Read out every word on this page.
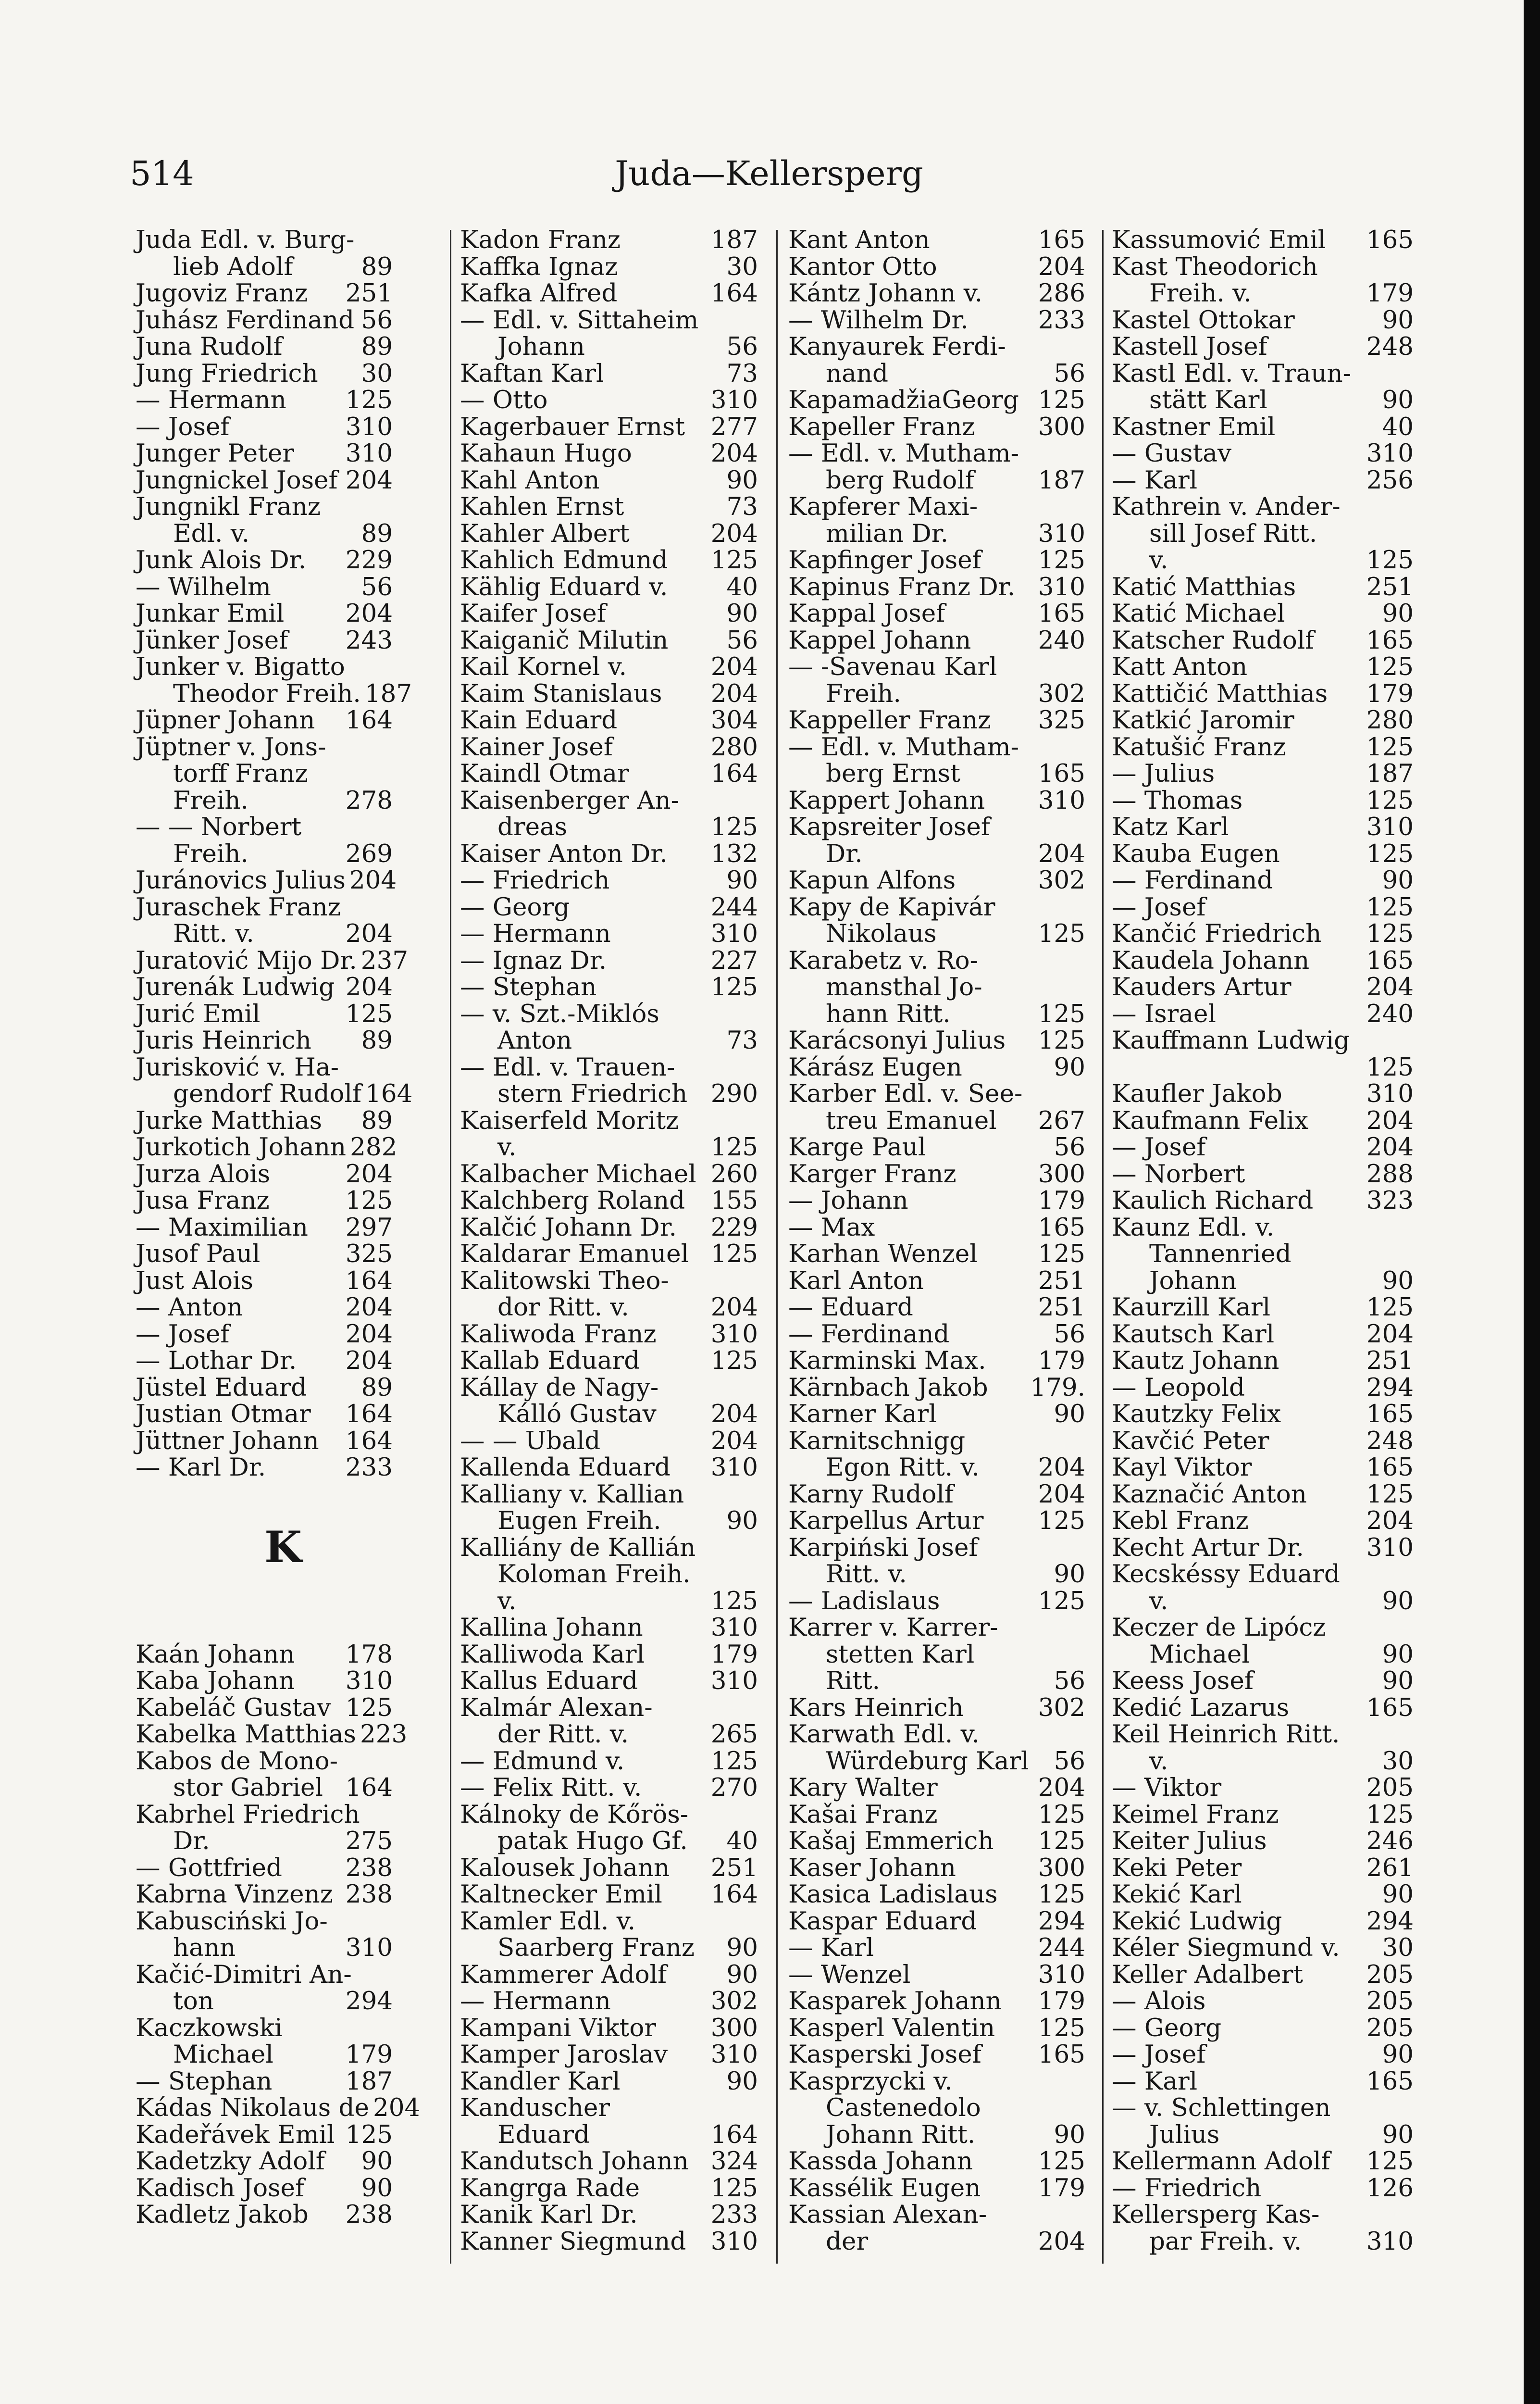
514	Juda—Kellersperg
Juda Edl. v. Burg-
lieb Adolf	89
Jugoviz Franz 251
Juhász Ferdinand 56
Juna Rudolf	89
Jung Friedrich 30
— Hermann 125
— Josef	310
Junger Peter 310
Jungnickel Josef 204
Jungnikl Franz
Edl. v.	89
Junk Alois Dr. 229
— Wilhelm	56
Junkar Emil 204
Jünker Josef 243
Junker v. Bigatto
Theodor Freih. 187
Jüpner Johann 164
Jüptner v. Jons-
torff Franz
Freih.	278
— — Norbert
Freih.	269
Juránovics Julius 204
Juraschek Franz
Ritt. v.	204
Juratović Mijo Dr. 237
Jurenák Ludwig 204
Jurić Emil	125
Juris Heinrich 89
Jurisković v. Ha-
gendorf Rudolf 164
Jurke Matthias 89
Jurkotich Johann 282
Jurza Alois	204
Jusa Franz	125
— Maximilian 297
Jusof Paul	325
Just Alois	164
— Anton	204
— Josef	204
— Lothar Dr. 204
Jüstel Eduard 89
Justian Otmar 164
Jüttner Johann 164
— Karl Dr.	233
K
Kaán Johann 178
Kaba Johann 310
Kabeláč Gustav 125
Kabelka Matthias 223
Kabos de Mono-
stor Gabriel 164
Kabrhel Friedrich
Dr.	275
— Gottfried	238
Kabrna Vinzenz 238
Kabusciński Jo-
hann	310
Kačić-Dimitri An-
ton	294
Kaczkowski
Michael	179
— Stephan	187
Kádas Nikolaus de 204
Kadeřávek Emil 125
Kadetzky Adolf 90
Kadisch Josef 90
Kadletz Jakob 238
Kadon Franz	187
Kaffka Ignaz	30
Kafka Alfred	164
— Edl. v. Sittaheim
Johann	56
Kaftan Karl	73
— Otto	310
Kagerbauer Ernst 277
Kahaun Hugo	204
Kahl Anton	90
Kahlen Ernst	73
Kahler Albert	204
Kahlich Edmund 125
Kählig Eduard v. 40
Kaifer Josef	90
Kaiganič Milutin 56
Kail Kornel v.	204
Kaim Stanislaus 204
Kain Eduard	304
Kainer Josef	280
Kaindl Otmar	164
Kaisenberger An-
dreas	125
Kaiser Anton Dr. 132
— Friedrich	90
— Georg	244
— Hermann	310
— Ignaz Dr.	227
— Stephan	125
— v. Szt.-Miklós
Anton	73
— Edl. v. Trauen-
stern Friedrich 290
Kaiserfeld Moritz
v.	125
Kalbacher Michael 260
Kalchberg Roland 155
Kalčić Johann Dr. 229
Kaldarar Emanuel 125
Kalitowski Theo-
dor Ritt. v.	204
Kaliwoda Franz 310
Kallab Eduard	125
Kállay de Nagy-
Kálló Gustav 204
— — Ubald	204
Kallenda Eduard 310
Kalliany v. Kallian
Eugen Freih.	90
Kalliány de Kallián
Koloman Freih.
v.	125
Kallina Johann	310
Kalliwoda Karl	179
Kallus Eduard	310
Kalmár Alexan-
der Ritt. v.	265
— Edmund v.	125
— Felix Ritt. v.	270
Kálnoky de Kőrös-
patak Hugo Gf. 40
Kalousek Johann 251
Kaltnecker Emil 164
Kamler Edl. v.
Saarberg Franz 90
Kammerer Adolf 90
— Hermann	302
Kampani Viktor 300
Kamper Jaroslav 310
Kandler Karl	90
Kanduscher
Eduard	164
Kandutsch Johann 324
Kangrga Rade	125
Kanik Karl Dr.	233
Kanner Siegmund 310
Kant Anton	165
Kantor Otto	204
Kántz Johann v. 286
— Wilhelm Dr.	233
Kanyaurek Ferdi-
nand	56
KapamadžiaGeorg 125
Kapeller Franz	300
— Edl. v. Mutham-
berg Rudolf	187
Kapferer Maxi-
milian Dr.	310
Kapfinger Josef 125
Kapinus Franz Dr. 310
Kappal Josef	165
Kappel Johann	240
— -Savenau Karl
Freih.	302
Kappeller Franz 325
— Edl. v. Mutham-
berg Ernst	165
Kappert Johann 310
Kapsreiter Josef
Dr.	204
Kapun Alfons	302
Kapy de Kapivár
Nikolaus	125
Karabetz v. Ro-
mansthal Jo-
hann Ritt.	125
Karácsonyi Julius 125
Kárász Eugen	90
Karber Edl. v. See-
treu Emanuel 267
Karge Paul	56
Karger Franz	300
— Johann	179
— Max	165
Karhan Wenzel 125
Karl Anton	251
— Eduard	251
— Ferdinand	56
Karminski Max. 179
Kärnbach Jakob 179.
Karner Karl	90
Karnitschnigg
Egon Ritt. v. 204
Karny Rudolf	204
Karpellus Artur 125
Karpiński Josef
Ritt. v.	90
— Ladislaus	125
Karrer v. Karrer-
stetten Karl
Ritt.	56
Kars Heinrich	302
Karwath Edl. v.
Würdeburg Karl 56
Kary Walter	204
Kašai Franz	125
Kašaj Emmerich 125
Kaser Johann	300
Kasica Ladislaus 125
Kaspar Eduard 294
— Karl	244
— Wenzel	310
Kasparek Johann 179
Kasperl Valentin 125
Kasperski Josef 165
Kasprzycki v.
Castenedolo
Johann Ritt.	90
Kassda Johann	125
Kassélik Eugen 179
Kassian Alexan-
der	204
Kassumović Emil 165
Kast Theodorich
Freih. v.	179
Kastel Ottokar	90
Kastell Josef	248
Kastl Edl. v. Traun-
stätt Karl	90
Kastner Emil	40
— Gustav	310
— Karl	256
Kathrein v. Ander-
sill Josef Ritt.
v.	125
Katić Matthias	251
Katić Michael	90
Katscher Rudolf 165
Katt Anton	125
Kattičić Matthias 179
Katkić Jaromir	280
Katušić Franz	125
— Julius	187
— Thomas	125
Katz Karl	310
Kauba Eugen	125
— Ferdinand	90
— Josef	125
Kančić Friedrich 125
Kaudela Johann 165
Kauders Artur	204
— Israel	240
Kauffmann Ludwig
125
Kaufler Jakob	310
Kaufmann Felix 204
— Josef	204
— Norbert	288
Kaulich Richard 323
Kaunz Edl. v.
Tannenried
Johann	90
Kaurzill Karl	125
Kautsch Karl	204
Kautz Johann	251
— Leopold	294
Kautzky Felix	165
Kavčić Peter	248
Kayl Viktor	165
Kaznačić Anton 125
Kebl Franz	204
Kecht Artur Dr.	310
Kecskéssy Eduard
v.	90
Keczer de Lipócz
Michael	90
Keess Josef	90
Kedić Lazarus	165
Keil Heinrich Ritt.
v.	30
— Viktor	205
Keimel Franz	125
Keiter Julius	246
Keki Peter	261
Kekić Karl	90
Kekić Ludwig	294
Kéler Siegmund v. 30
Keller Adalbert	205
— Alois	205
— Georg	205
— Josef	90
— Karl	165
— v. Schlettingen
Julius	90
Kellermann Adolf 125
— Friedrich	126
Kellersperg Kas-
par Freih. v.	310
